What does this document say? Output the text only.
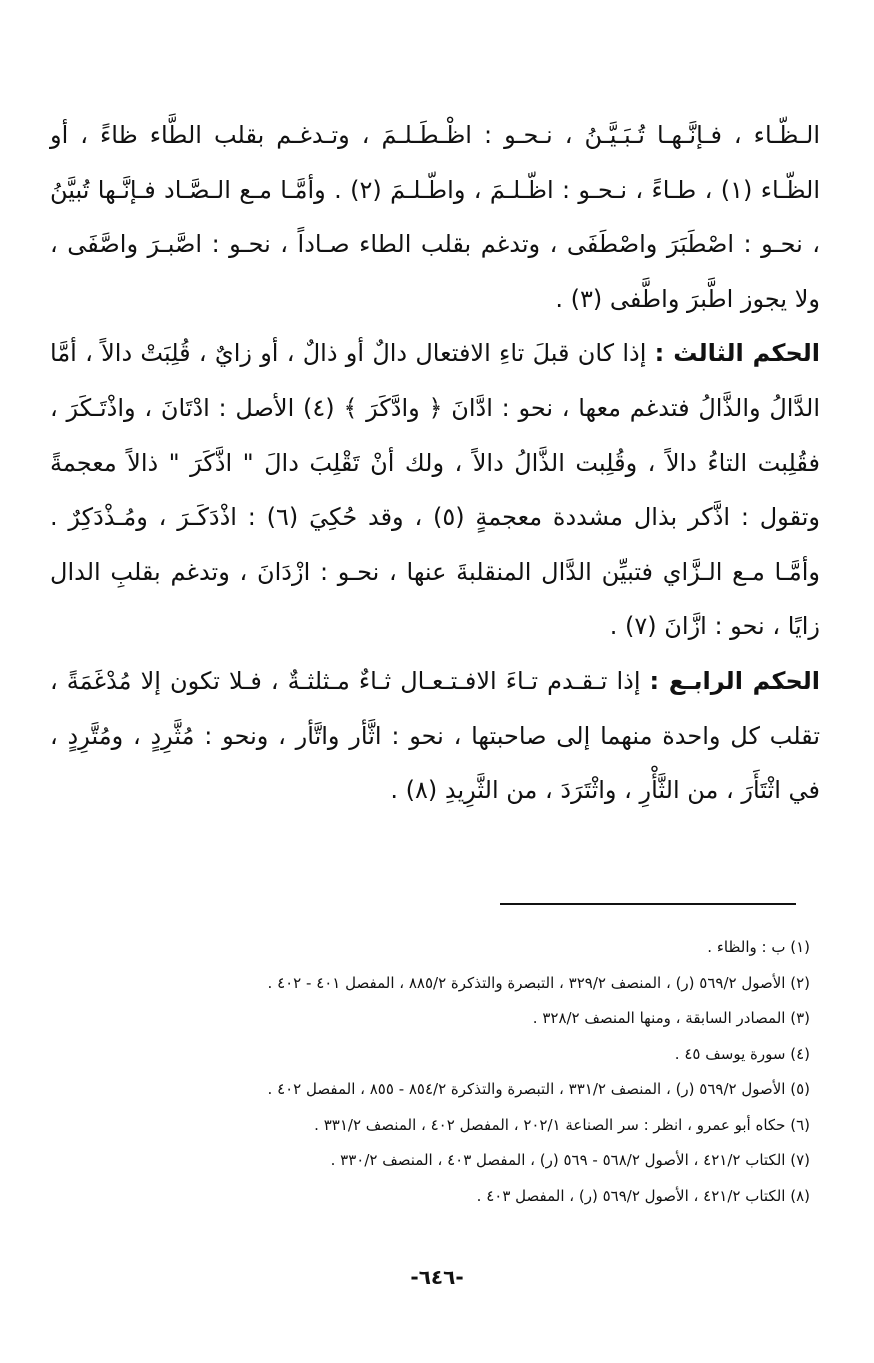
الـظّـاء ، فـإنَّـهـا تُـبَـيَّـنُ ، نـحـو : اظْـطَـلـمَ ، وتـدغـم بقلب الطَّاء ظاءً ، أو الظّـاء (١) ، طـاءً ، نـحـو : اظّـلـمَ ، واطّـلـمَ (٢) . وأمَّـا مـع الـصَّـاد فـإنَّـها تُبيَّنُ ، نحـو : اصْطَبَرَ واصْطَفَى ، وتدغم بقلب الطاء صـاداً ، نحـو : اصَّبـرَ واصَّفَى ، ولا يجوز اطَّبرَ واطَّفى (٣) .

الحكم الثالث : إذا كان قبلَ تاءِ الافتعال دالٌ أو ذالٌ ، أو زايٌ ، قُلِبَتْ دالاً ، أمَّا الدَّالُ والذَّالُ فتدغم معها ، نحو : ادَّانَ ﴿ وادَّكَرَ ﴾ (٤) الأصل : ادْتَانَ ، واذْتَـكَرَ ، فقُلِبت التاءُ دالاً ، وقُلِبت الذَّالُ دالاً ، ولك أنْ تَقْلِبَ دالَ " اذَّكَرَ " ذالاً معجمةً وتقول : اذَّكر بذال مشددة معجمةٍ (٥) ، وقد حُكِيَ (٦) : اذْدَكَـرَ ، ومُـذْدَكِرٌ . وأمَّـا مـع الـزَّاي فتبيِّن الدَّال المنقلبةَ عنها ، نحـو : ازْدَانَ ، وتدغم بقلبِ الدال زايًا ، نحو : ازَّانَ (٧) .

الحكم الرابـع : إذا تـقـدم تـاءَ الافـتـعـال ثـاءٌ مـثلثـةٌ ، فـلا تكون إلا مُدْغَمَةً ، تقلب كل واحدة منهما إلى صاحبتها ، نحو : اثَّأر واتَّأر ، ونحو : مُثَّرِدٍ ، ومُتَّرِدٍ ، في اثْتَأَرَ ، من الثَّأْرِ ، واثْتَرَدَ ، من الثَّرِيدِ (٨) .

(١) ب : والظاء .

(٢) الأصول ٥٦٩/٢ (ر) ، المنصف ٣٢٩/٢ ، التبصرة والتذكرة ٨٨٥/٢ ، المفصل ٤٠١ - ٤٠٢ .

(٣) المصادر السابقة ، ومنها المنصف ٣٢٨/٢ .

(٤) سورة يوسف ٤٥ .

(٥) الأصول ٥٦٩/٢ (ر) ، المنصف ٣٣١/٢ ، التبصرة والتذكرة ٨٥٤/٢ - ٨٥٥ ، المفصل ٤٠٢ .

(٦) حكاه أبو عمرو ، انظر : سر الصناعة ٢٠٢/١ ، المفصل ٤٠٢ ، المنصف ٣٣١/٢ .

(٧) الكتاب ٤٢١/٢ ، الأصول ٥٦٨/٢ - ٥٦٩ (ر) ، المفصل ٤٠٣ ، المنصف ٣٣٠/٢ .

(٨) الكتاب ٤٢١/٢ ، الأصول ٥٦٩/٢ (ر) ، المفصل ٤٠٣ .

-٦٤٦-
